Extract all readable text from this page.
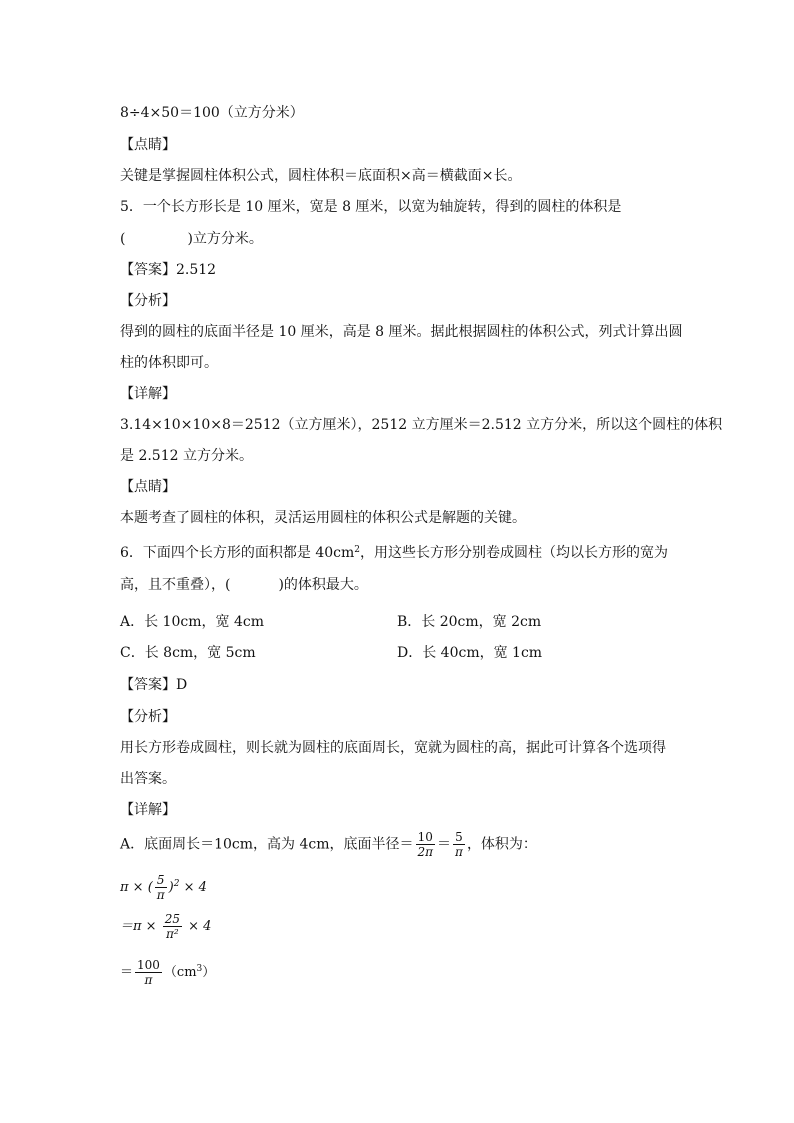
8÷4×50＝100（立方分米）
【点睛】
关键是掌握圆柱体积公式，圆柱体积＝底面积×高＝横截面×长。
5．一个长方形长是 10 厘米，宽是 8 厘米，以宽为轴旋转，得到的圆柱的体积是
(	)立方分米。
【答案】2.512
【分析】
得到的圆柱的底面半径是 10 厘米，高是 8 厘米。据此根据圆柱的体积公式，列式计算出圆
柱的体积即可。
【详解】
3.14×10×10×8＝2512（立方厘米），2512 立方厘米＝2.512 立方分米，所以这个圆柱的体积
是 2.512 立方分米。
【点睛】
本题考查了圆柱的体积，灵活运用圆柱的体积公式是解题的关键。
6．下面四个长方形的面积都是 $40cm^2$，用这些长方形分别卷成圆柱（均以长方形的宽为
高，且不重叠），(	)的体积最大。
A．长 10cm，宽 4cm	B．长 20cm，宽 2cm
C．长 8cm，宽 5cm	D．长 40cm，宽 1cm
【答案】D
【分析】
用长方形卷成圆柱，则长就为圆柱的底面周长，宽就为圆柱的高，据此可计算各个选项得
出答案。
【详解】
A．底面周长＝10cm，高为 4cm，底面半径＝ $\frac{10}{2\pi} = \frac{5}{\pi}$ ，体积为：
π × ( $\frac{5}{\pi} )^2 \times 4$
$=\pi \times \frac{25}{\text{π²}} \times 4$
＝ $\frac{100}{\pi} (cm^3)$
